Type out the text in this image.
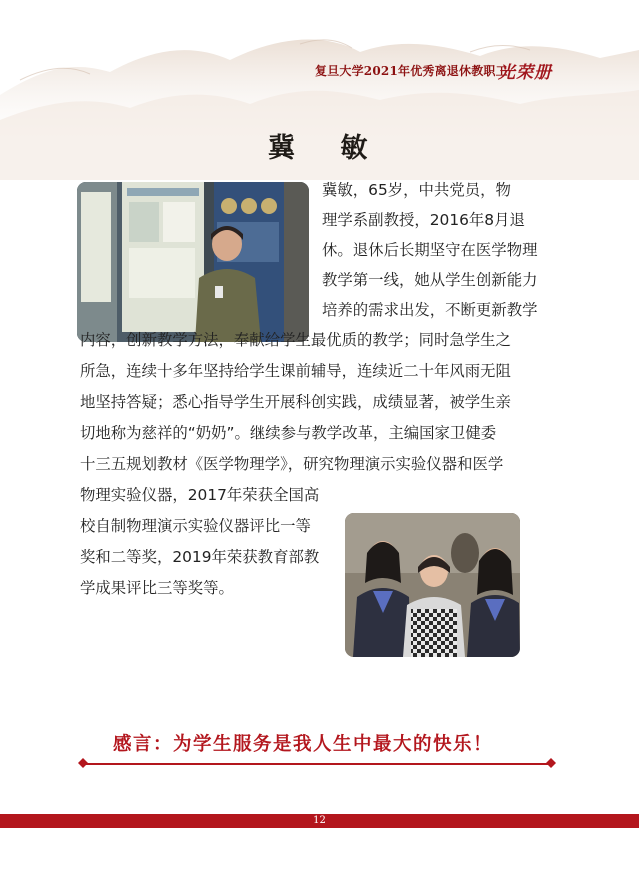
复旦大学2021年优秀离退休教职工
光荣册
冀 敏
冀敏，65岁，中共党员，物
理学系副教授，2016年8月退
休。退休后长期坚守在医学物理
教学第一线，她从学生创新能力
培养的需求出发，不断更新教学
内容，创新教学方法，奉献给学生最优质的教学；同时急学生之
所急，连续十多年坚持给学生课前辅导，连续近二十年风雨无阻
地坚持答疑；悉心指导学生开展科创实践，成绩显著，被学生亲
切地称为慈祥的“奶奶”。继续参与教学改革，主编国家卫健委
十三五规划教材《医学物理学》，研究物理演示实验仪器和医学
物理实验仪器，2017年荣获全国高
校自制物理演示实验仪器评比一等
奖和二等奖，2019年荣获教育部教
学成果评比三等奖等。
感言：为学生服务是我人生中最大的快乐！
12
